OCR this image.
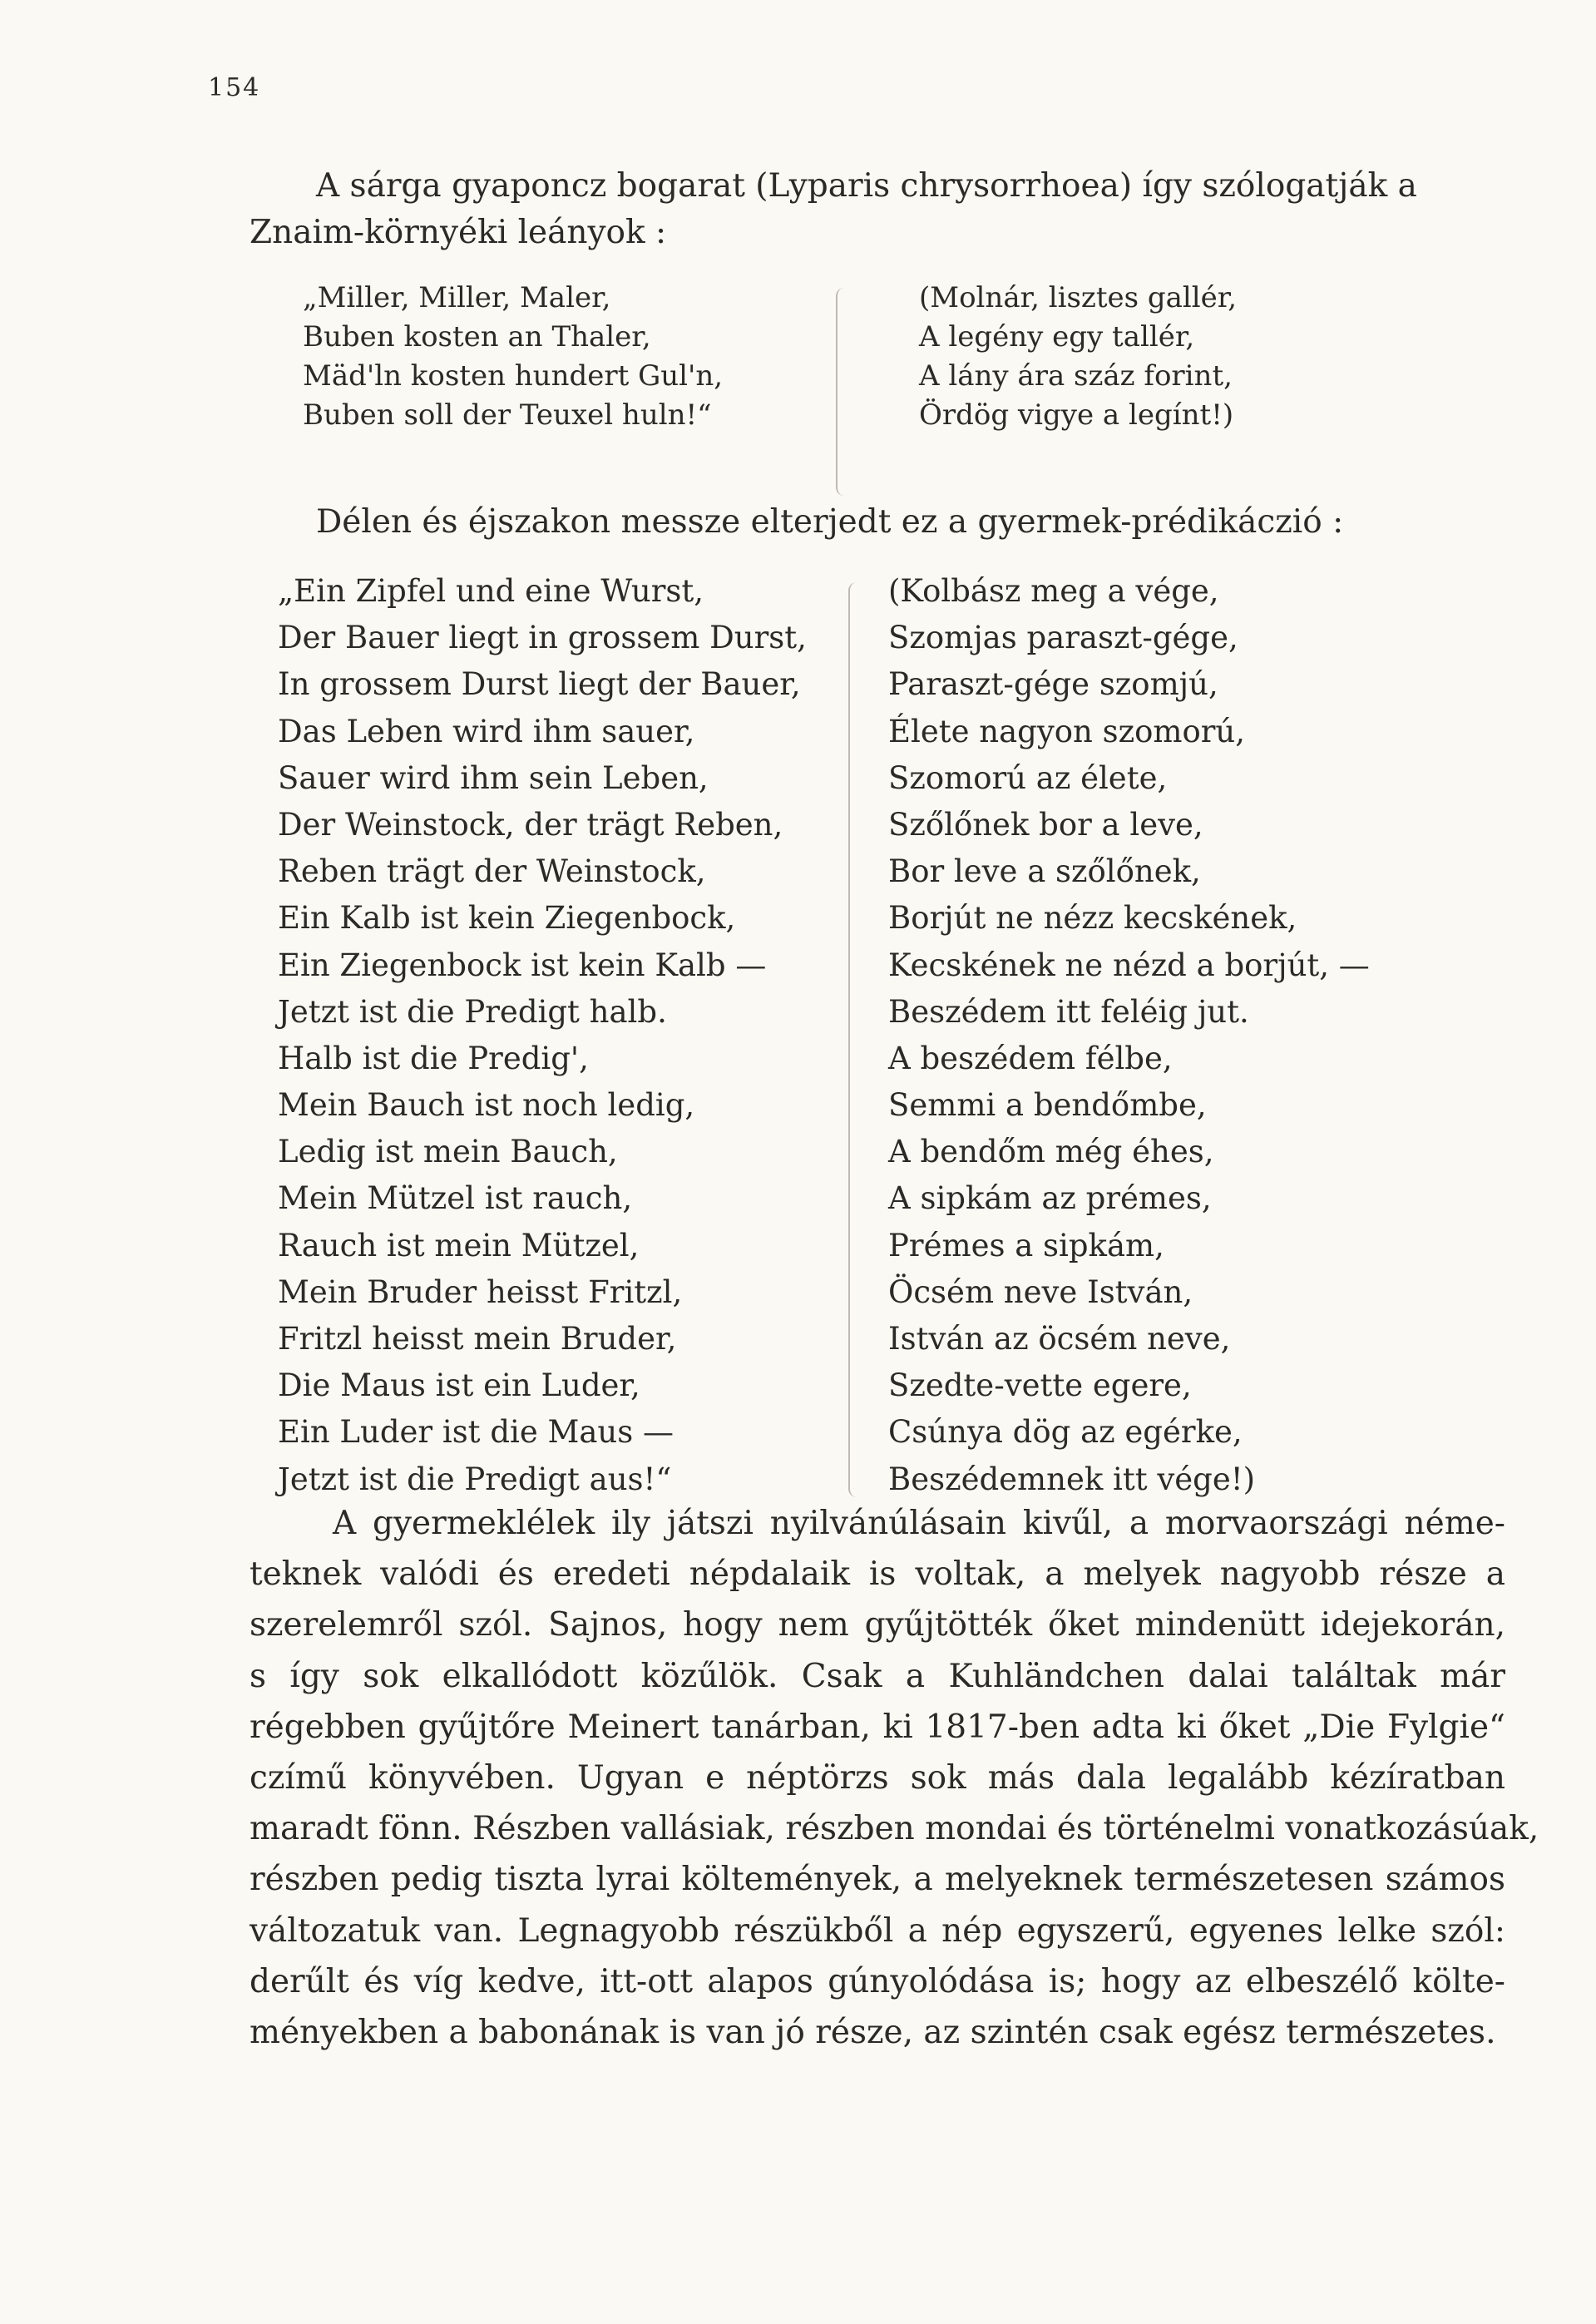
154
A sárga gyaponcz bogarat (Lyparis chrysorrhoea) így szólogatják a
Znaim-környéki leányok :
„Miller, Miller, Maler,
Buben kosten an Thaler,
Mäd'ln kosten hundert Gul'n,
Buben soll der Teuxel huln!“
(Molnár, lisztes gallér,
A legény egy tallér,
A lány ára száz forint,
Ördög vigye a legínt!)
Délen és éjszakon messze elterjedt ez a gyermek-prédikáczió :
„Ein Zipfel und eine Wurst,
Der Bauer liegt in grossem Durst,
In grossem Durst liegt der Bauer,
Das Leben wird ihm sauer,
Sauer wird ihm sein Leben,
Der Weinstock, der trägt Reben,
Reben trägt der Weinstock,
Ein Kalb ist kein Ziegenbock,
Ein Ziegenbock ist kein Kalb —
Jetzt ist die Predigt halb.
Halb ist die Predig',
Mein Bauch ist noch ledig,
Ledig ist mein Bauch,
Mein Mützel ist rauch,
Rauch ist mein Mützel,
Mein Bruder heisst Fritzl,
Fritzl heisst mein Bruder,
Die Maus ist ein Luder,
Ein Luder ist die Maus —
Jetzt ist die Predigt aus!“
(Kolbász meg a vége,
Szomjas paraszt-gége,
Paraszt-gége szomjú,
Élete nagyon szomorú,
Szomorú az élete,
Szőlőnek bor a leve,
Bor leve a szőlőnek,
Borjút ne nézz kecskének,
Kecskének ne nézd a borjút, —
Beszédem itt feléig jut.
A beszédem félbe,
Semmi a bendőmbe,
A bendőm még éhes,
A sipkám az prémes,
Prémes a sipkám,
Öcsém neve István,
István az öcsém neve,
Szedte-vette egere,
Csúnya dög az egérke,
Beszédemnek itt vége!)
A gyermeklélek ily játszi nyilvánúlásain kivűl, a morvaországi néme-
teknek valódi és eredeti népdalaik is voltak, a melyek nagyobb része a
szerelemről szól. Sajnos, hogy nem gyűjtötték őket mindenütt idejekorán,
s így sok elkallódott közűlök. Csak a Kuhländchen dalai találtak már
régebben gyűjtőre Meinert tanárban, ki 1817-ben adta ki őket „Die Fylgie“
czímű könyvében. Ugyan e néptörzs sok más dala legalább kézíratban
maradt fönn. Részben vallásiak, részben mondai és történelmi vonatkozásúak,
részben pedig tiszta lyrai költemények, a melyeknek természetesen számos
változatuk van. Legnagyobb részükből a nép egyszerű, egyenes lelke szól:
derűlt és víg kedve, itt-ott alapos gúnyolódása is; hogy az elbeszélő költe-
ményekben a babonának is van jó része, az szintén csak egész természetes.
